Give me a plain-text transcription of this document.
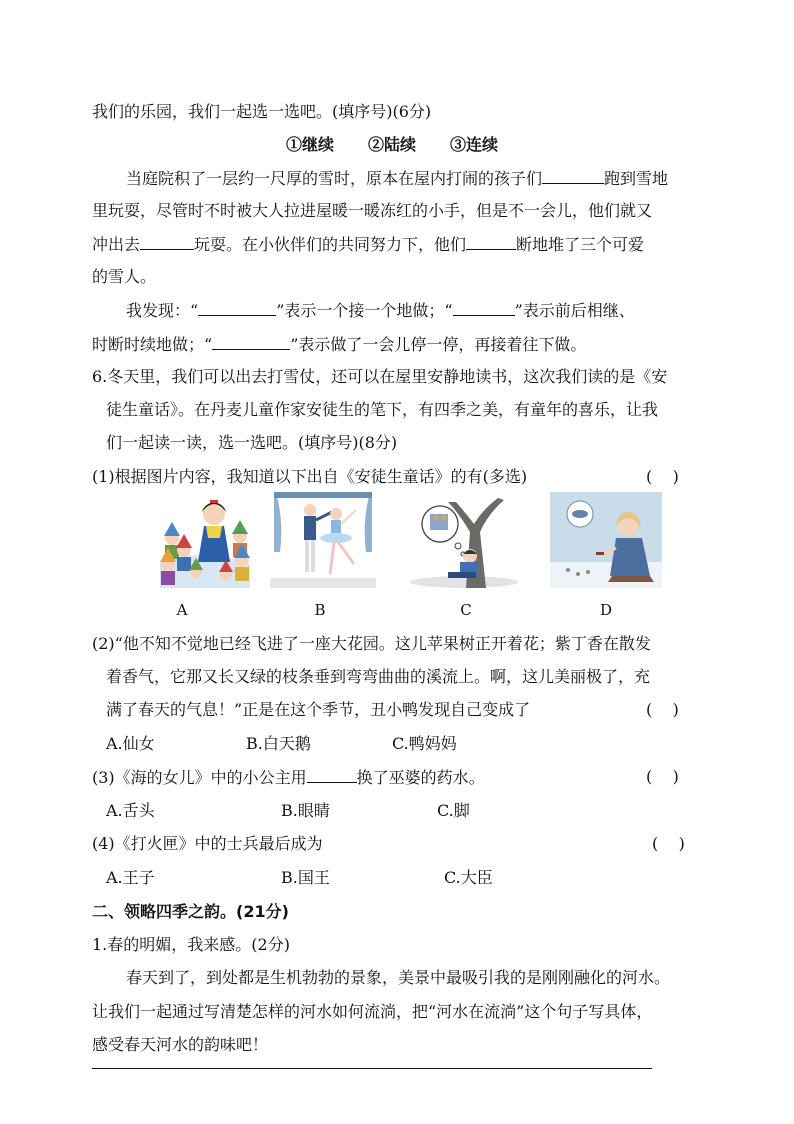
我们的乐园，我们一起选一选吧。(填序号)(6分)
①继续 ②陆续 ③连续
当庭院积了一层约一尺厚的雪时，原本在屋内打闹的孩子们	跑到雪地
里玩耍，尽管时不时被大人拉进屋暖一暖冻红的小手，但是不一会儿，他们就又
冲出去	玩耍。在小伙伴们的共同努力下，他们	断地堆了三个可爱
的雪人。
我发现：“	”表示一个接一个地做；“	”表示前后相继、
时断时续地做；“	”表示做了一会儿停一停，再接着往下做。
6.冬天里，我们可以出去打雪仗，还可以在屋里安静地读书，这次我们读的是《安
徒生童话》。在丹麦儿童作家安徒生的笔下，有四季之美，有童年的喜乐，让我
们一起读一读，选一选吧。(填序号)(8分)
(1)根据图片内容，我知道以下出自《安徒生童话》的有(多选)	(    )
A	B	C	D
(2)“他不知不觉地已经飞进了一座大花园。这儿苹果树正开着花；紫丁香在散发
着香气，它那又长又绿的枝条垂到弯弯曲曲的溪流上。啊，这儿美丽极了，充
满了春天的气息！”正是在这个季节，丑小鸭发现自己变成了	(    )
A.仙女	B.白天鹅	C.鸭妈妈
(3)《海的女儿》中的小公主用	换了巫婆的药水。	(    )
A.舌头	B.眼睛	C.脚
(4)《打火匣》中的士兵最后成为	(    )
A.王子	B.国王	C.大臣
二、领略四季之韵。(21分)
1.春的明媚，我来感。(2分)
春天到了，到处都是生机勃勃的景象，美景中最吸引我的是刚刚融化的河水。
让我们一起通过写清楚怎样的河水如何流淌，把“河水在流淌”这个句子写具体，
感受春天河水的韵味吧！
